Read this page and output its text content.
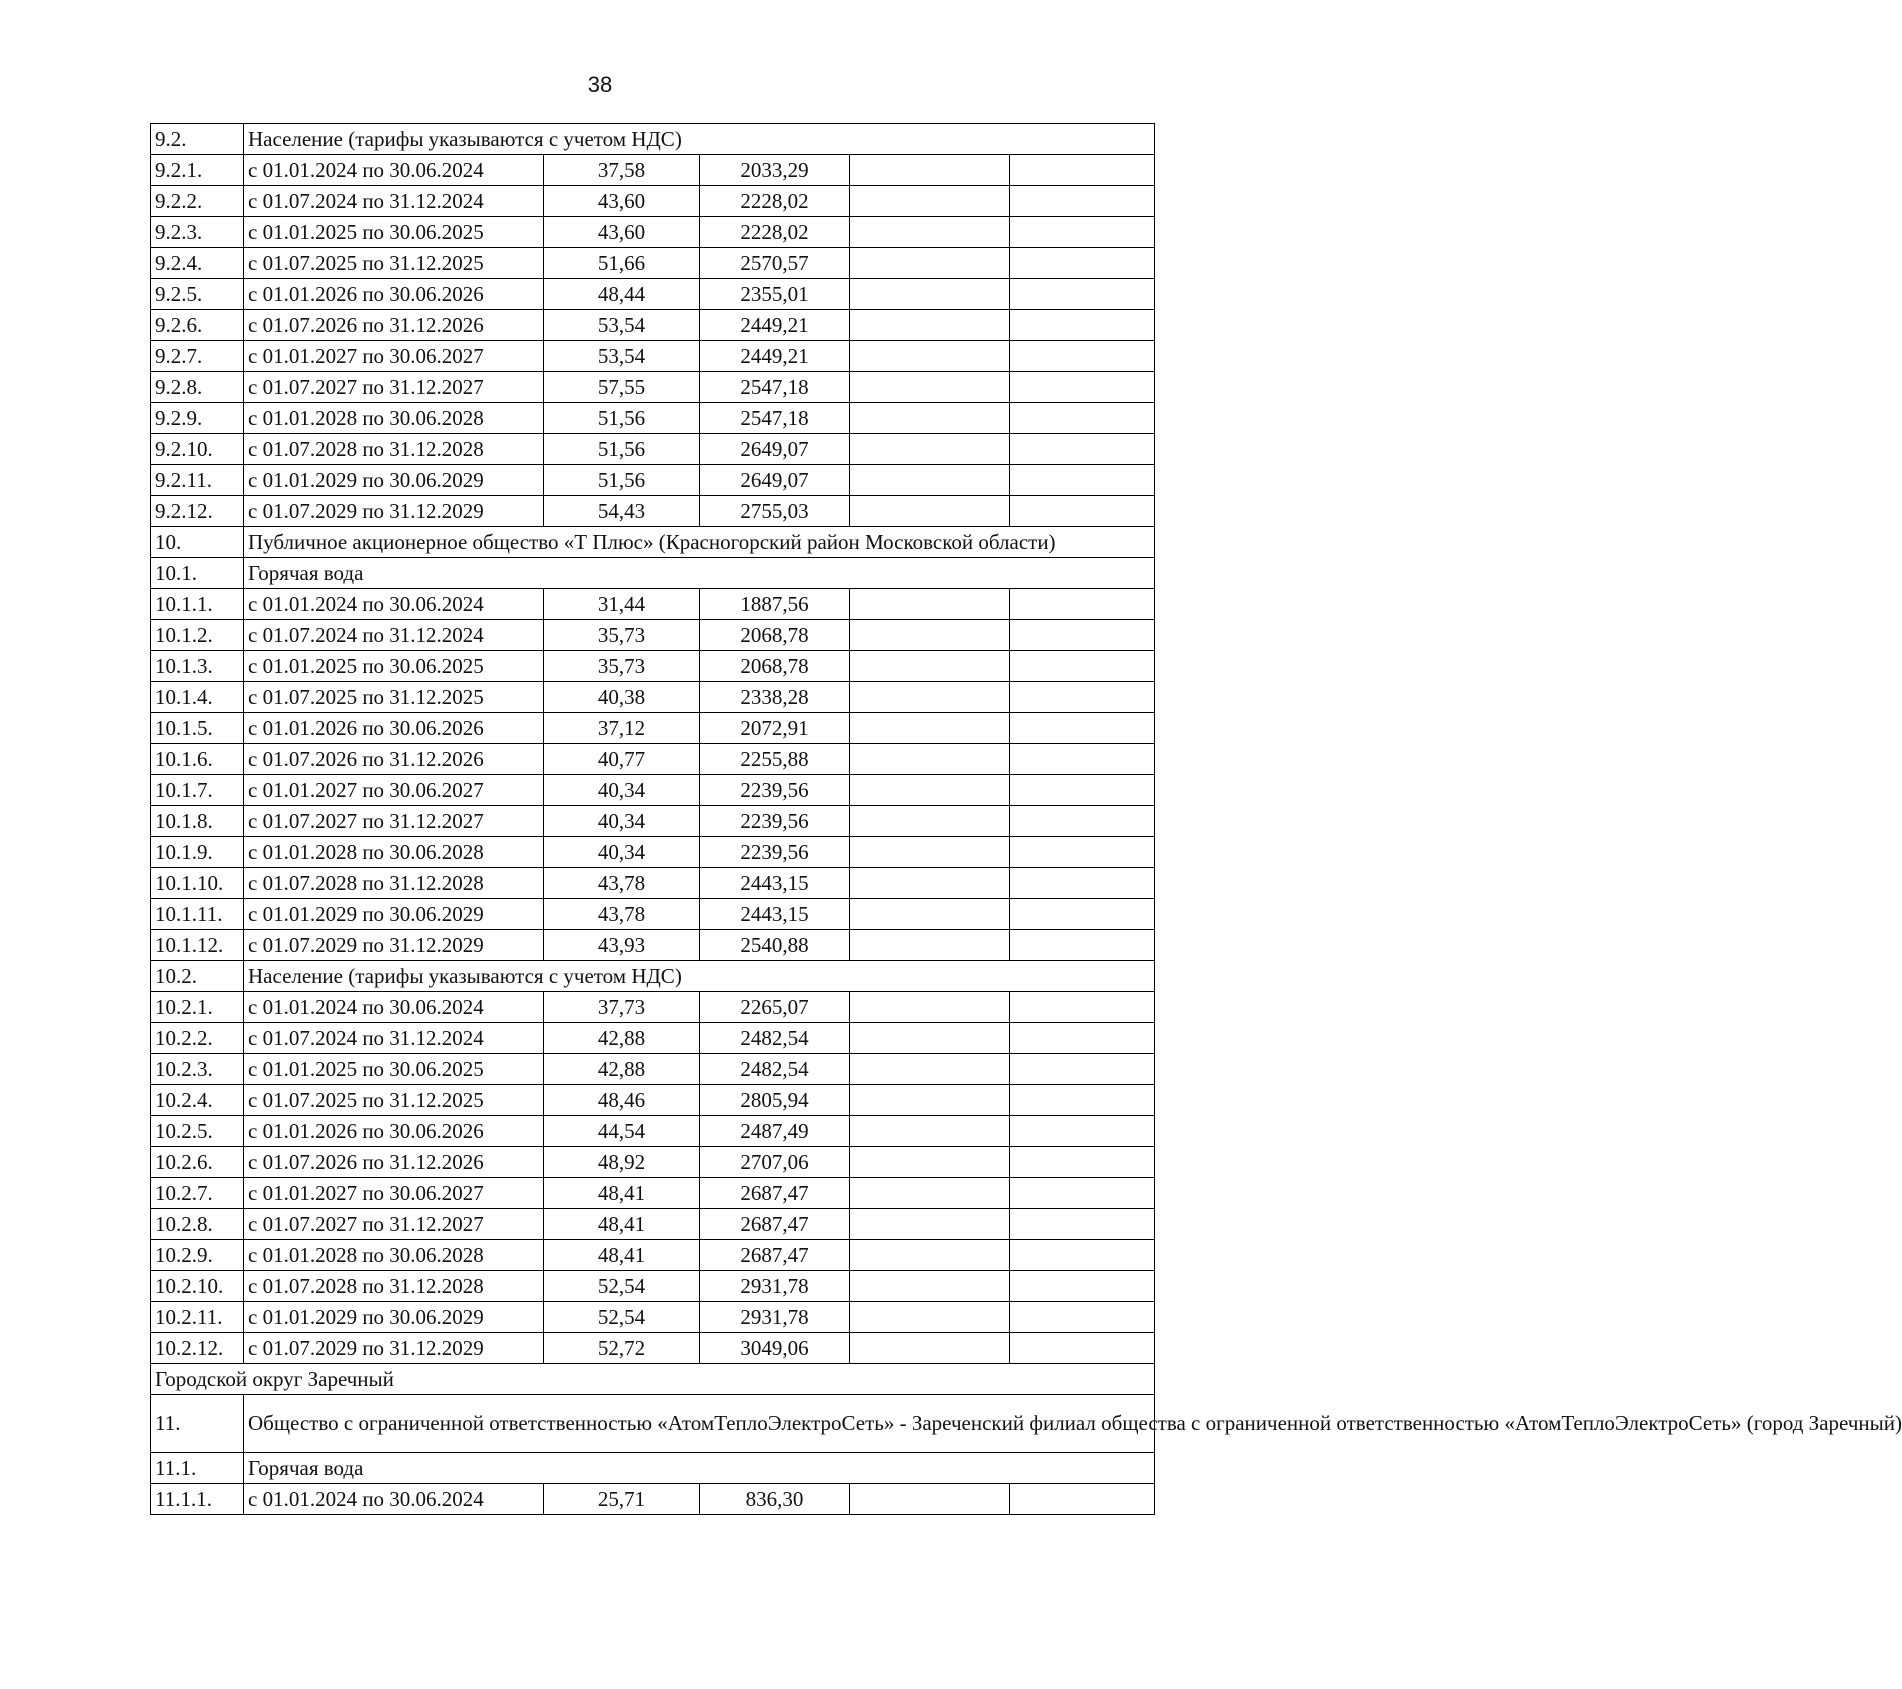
38
9.2.	Население (тарифы указываются с учетом НДС)				
9.2.1.	с 01.01.2024 по 30.06.2024	37,58	2033,29		
9.2.2.	с 01.07.2024 по 31.12.2024	43,60	2228,02		
9.2.3.	с 01.01.2025 по 30.06.2025	43,60	2228,02		
9.2.4.	с 01.07.2025 по 31.12.2025	51,66	2570,57		
9.2.5.	с 01.01.2026 по 30.06.2026	48,44	2355,01		
9.2.6.	с 01.07.2026 по 31.12.2026	53,54	2449,21		
9.2.7.	с 01.01.2027 по 30.06.2027	53,54	2449,21		
9.2.8.	с 01.07.2027 по 31.12.2027	57,55	2547,18		
9.2.9.	с 01.01.2028 по 30.06.2028	51,56	2547,18		
9.2.10.	с 01.07.2028 по 31.12.2028	51,56	2649,07		
9.2.11.	с 01.01.2029 по 30.06.2029	51,56	2649,07		
9.2.12.	с 01.07.2029 по 31.12.2029	54,43	2755,03		
10.	Публичное акционерное общество «Т Плюс» (Красногорский район Московской области)				
10.1.	Горячая вода				
10.1.1.	с 01.01.2024 по 30.06.2024	31,44	1887,56		
10.1.2.	с 01.07.2024 по 31.12.2024	35,73	2068,78		
10.1.3.	с 01.01.2025 по 30.06.2025	35,73	2068,78		
10.1.4.	с 01.07.2025 по 31.12.2025	40,38	2338,28		
10.1.5.	с 01.01.2026 по 30.06.2026	37,12	2072,91		
10.1.6.	с 01.07.2026 по 31.12.2026	40,77	2255,88		
10.1.7.	с 01.01.2027 по 30.06.2027	40,34	2239,56		
10.1.8.	с 01.07.2027 по 31.12.2027	40,34	2239,56		
10.1.9.	с 01.01.2028 по 30.06.2028	40,34	2239,56		
10.1.10.	с 01.07.2028 по 31.12.2028	43,78	2443,15		
10.1.11.	с 01.01.2029 по 30.06.2029	43,78	2443,15		
10.1.12.	с 01.07.2029 по 31.12.2029	43,93	2540,88		
10.2.	Население (тарифы указываются с учетом НДС)				
10.2.1.	с 01.01.2024 по 30.06.2024	37,73	2265,07		
10.2.2.	с 01.07.2024 по 31.12.2024	42,88	2482,54		
10.2.3.	с 01.01.2025 по 30.06.2025	42,88	2482,54		
10.2.4.	с 01.07.2025 по 31.12.2025	48,46	2805,94		
10.2.5.	с 01.01.2026 по 30.06.2026	44,54	2487,49		
10.2.6.	с 01.07.2026 по 31.12.2026	48,92	2707,06		
10.2.7.	с 01.01.2027 по 30.06.2027	48,41	2687,47		
10.2.8.	с 01.07.2027 по 31.12.2027	48,41	2687,47		
10.2.9.	с 01.01.2028 по 30.06.2028	48,41	2687,47		
10.2.10.	с 01.07.2028 по 31.12.2028	52,54	2931,78		
10.2.11.	с 01.01.2029 по 30.06.2029	52,54	2931,78		
10.2.12.	с 01.07.2029 по 31.12.2029	52,72	3049,06		
Городской округ Заречный					
11.	Общество с ограниченной ответственностью «АтомТеплоЭлектроСеть» - Зареченский филиал общества с ограниченной ответственностью «АтомТеплоЭлектроСеть» (город Заречный)				
11.1.	Горячая вода				
11.1.1.	с 01.01.2024 по 30.06.2024	25,71	836,30		
